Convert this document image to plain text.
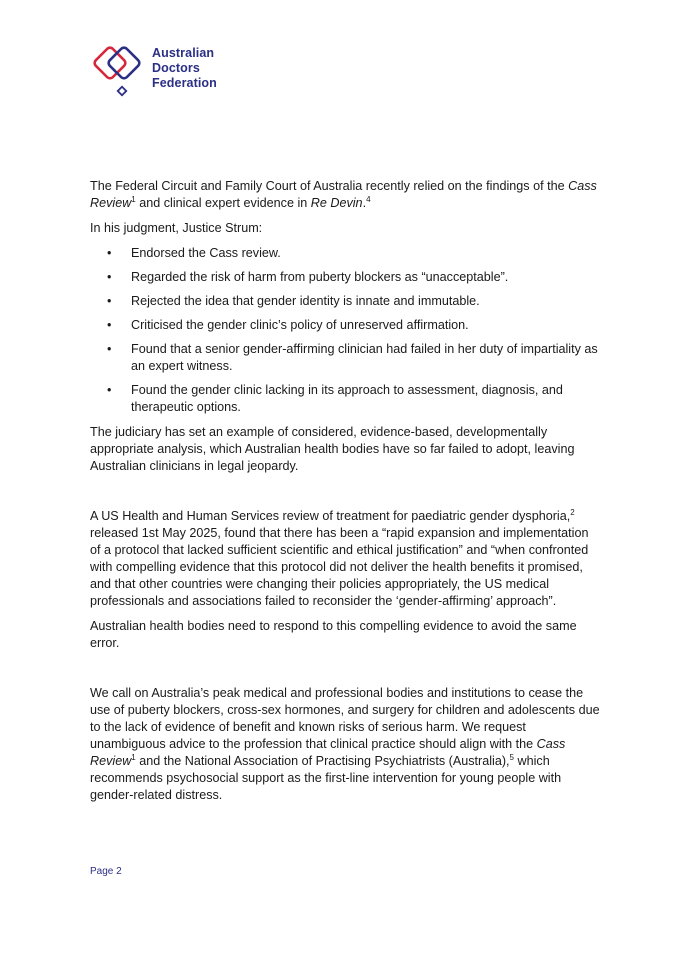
Australian
Doctors
Federation

The Federal Circuit and Family Court of Australia recently relied on the findings of the Cass Review$^1$ and clinical expert evidence in Re Devin.$^4$

In his judgment, Justice Strum:

• Endorsed the Cass review.
• Regarded the risk of harm from puberty blockers as “unacceptable”.
• Rejected the idea that gender identity is innate and immutable.
• Criticised the gender clinic’s policy of unreserved affirmation.
• Found that a senior gender-affirming clinician had failed in her duty of impartiality as an expert witness.
• Found the gender clinic lacking in its approach to assessment, diagnosis, and therapeutic options.

The judiciary has set an example of considered, evidence-based, developmentally appropriate analysis, which Australian health bodies have so far failed to adopt, leaving Australian clinicians in legal jeopardy.

A US Health and Human Services review of treatment for paediatric gender dysphoria,$^2$ released 1st May 2025, found that there has been a “rapid expansion and implementation of a protocol that lacked sufficient scientific and ethical justification” and “when confronted with compelling evidence that this protocol did not deliver the health benefits it promised, and that other countries were changing their policies appropriately, the US medical professionals and associations failed to reconsider the ‘gender-affirming’ approach”.

Australian health bodies need to respond to this compelling evidence to avoid the same error.

We call on Australia’s peak medical and professional bodies and institutions to cease the use of puberty blockers, cross-sex hormones, and surgery for children and adolescents due to the lack of evidence of benefit and known risks of serious harm. We request unambiguous advice to the profession that clinical practice should align with the Cass Review$^1$ and the National Association of Practising Psychiatrists (Australia),$^5$ which recommends psychosocial support as the first-line intervention for young people with gender-related distress.

Page 2
